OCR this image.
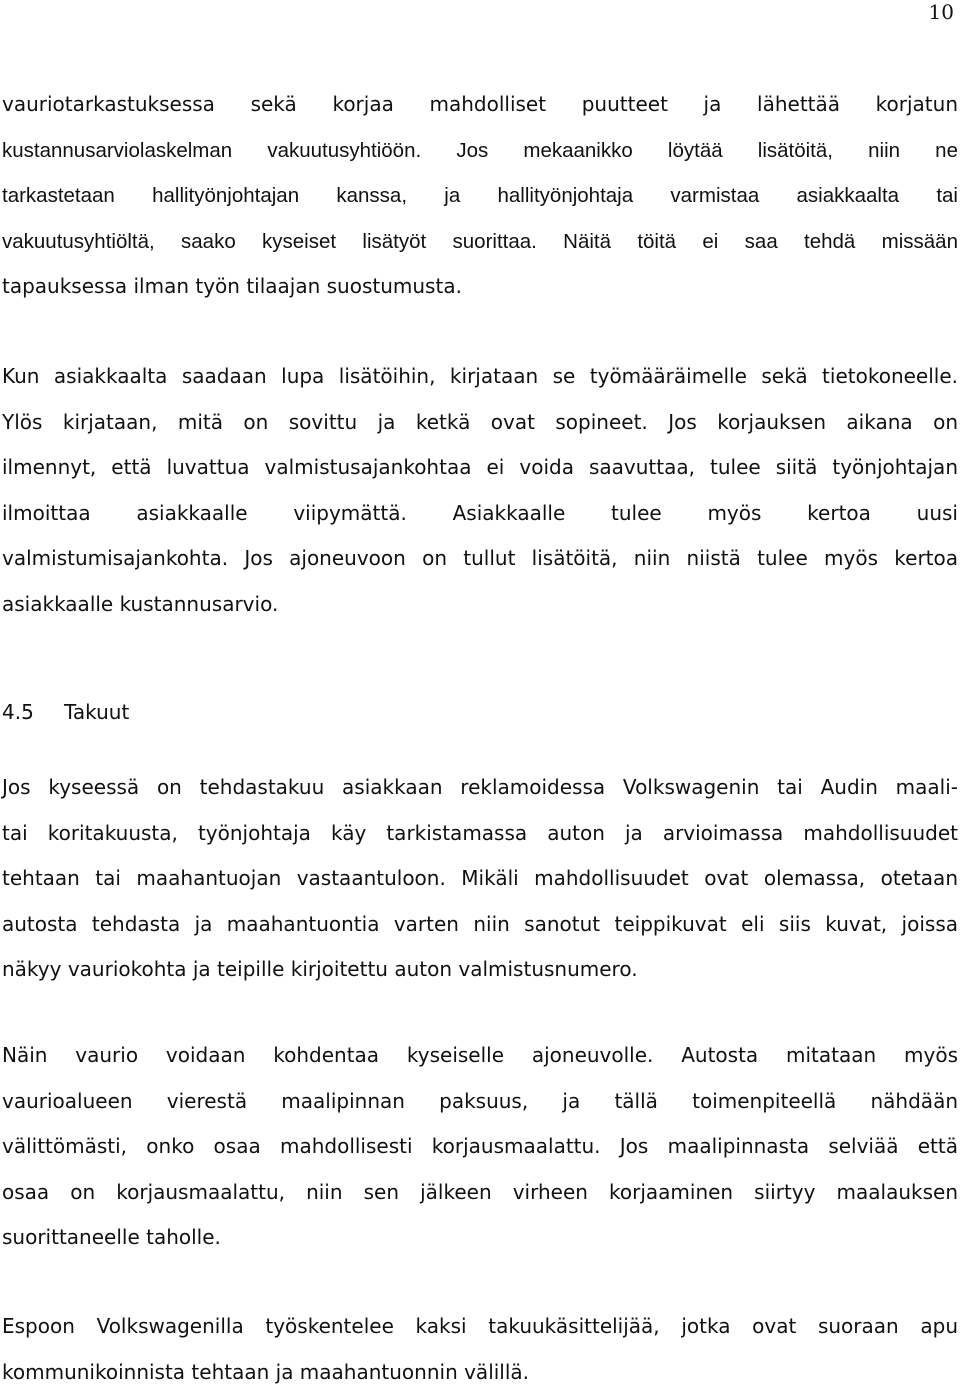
10
vauriotarkastuksessa sekä korjaa mahdolliset puutteet ja lähettää korjatun
kustannusarviolaskelman vakuutusyhtiöön. Jos mekaanikko löytää lisätöitä, niin ne
tarkastetaan hallityönjohtajan kanssa, ja hallityönjohtaja varmistaa asiakkaalta tai
vakuutusyhtiöltä, saako kyseiset lisätyöt suorittaa. Näitä töitä ei saa tehdä missään
tapauksessa ilman työn tilaajan suostumusta.
Kun asiakkaalta saadaan lupa lisätöihin, kirjataan se työmääräimelle sekä tietokoneelle.
Ylös kirjataan, mitä on sovittu ja ketkä ovat sopineet. Jos korjauksen aikana on
ilmennyt, että luvattua valmistusajankohtaa ei voida saavuttaa, tulee siitä työnjohtajan
ilmoittaa asiakkaalle viipymättä. Asiakkaalle tulee myös kertoa uusi
valmistumisajankohta. Jos ajoneuvoon on tullut lisätöitä, niin niistä tulee myös kertoa
asiakkaalle kustannusarvio.
4.5 Takuut
Jos kyseessä on tehdastakuu asiakkaan reklamoidessa Volkswagenin tai Audin maali-
tai koritakuusta, työnjohtaja käy tarkistamassa auton ja arvioimassa mahdollisuudet
tehtaan tai maahantuojan vastaantuloon. Mikäli mahdollisuudet ovat olemassa, otetaan
autosta tehdasta ja maahantuontia varten niin sanotut teippikuvat eli siis kuvat, joissa
näkyy vauriokohta ja teipille kirjoitettu auton valmistusnumero.
Näin vaurio voidaan kohdentaa kyseiselle ajoneuvolle. Autosta mitataan myös
vaurioalueen vierestä maalipinnan paksuus, ja tällä toimenpiteellä nähdään
välittömästi, onko osaa mahdollisesti korjausmaalattu. Jos maalipinnasta selviää että
osaa on korjausmaalattu, niin sen jälkeen virheen korjaaminen siirtyy maalauksen
suorittaneelle taholle.
Espoon Volkswagenilla työskentelee kaksi takuukäsittelijää, jotka ovat suoraan apu
kommunikoinnista tehtaan ja maahantuonnin välillä.
